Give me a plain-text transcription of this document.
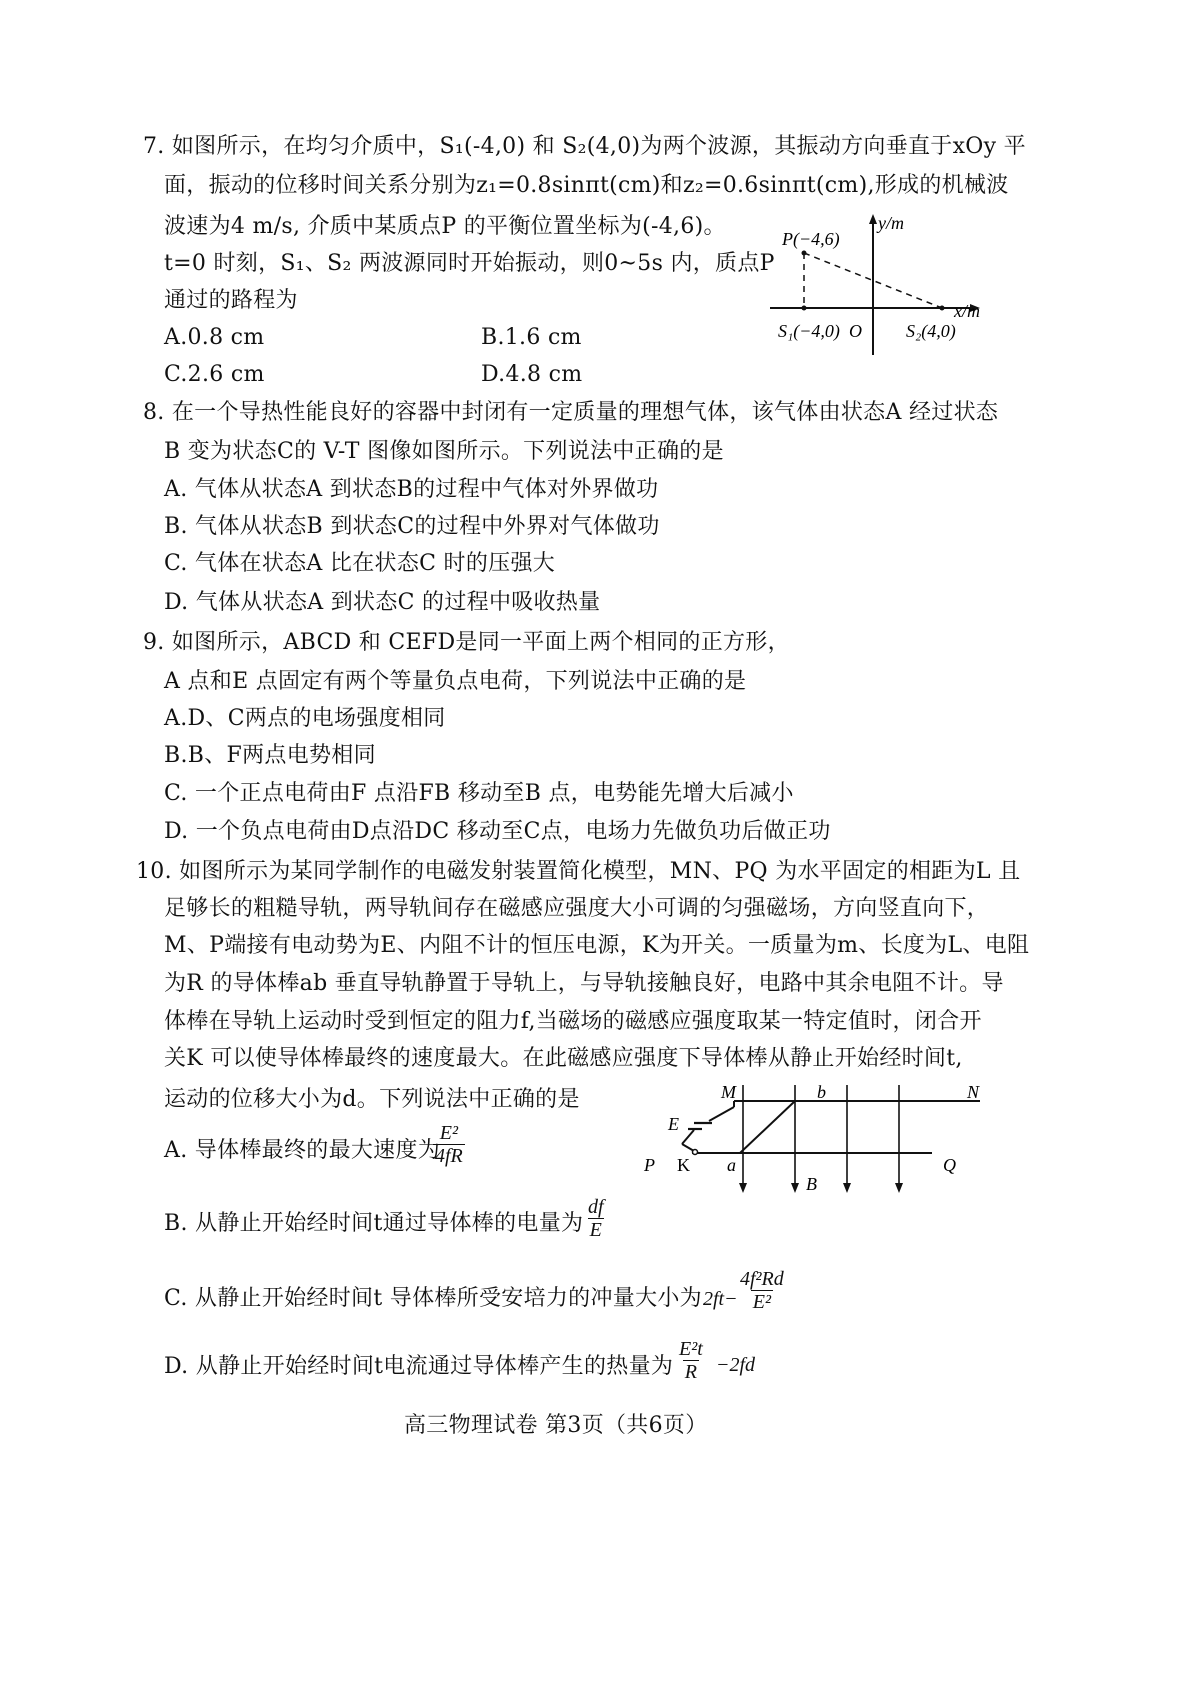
7. 如图所示，在均匀介质中，S₁(-4,0) 和 S₂(4,0)为两个波源，其振动方向垂直于xOy 平
面，振动的位移时间关系分别为z₁=0.8sinπt(cm)和z₂=0.6sinπt(cm),形成的机械波
波速为4 m/s, 介质中某质点P 的平衡位置坐标为(-4,6)。
t=0 时刻，S₁、S₂ 两波源同时开始振动，则0~5s 内，质点P
通过的路程为
A.0.8 cm	B.1.6 cm
C.2.6 cm	D.4.8 cm
P(−4,6)
y/m
x/m
S₁(−4,0) O S₂(4,0)
8. 在一个导热性能良好的容器中封闭有一定质量的理想气体，该气体由状态A 经过状态
B 变为状态C的 V-T 图像如图所示。下列说法中正确的是
A. 气体从状态A 到状态B的过程中气体对外界做功
B. 气体从状态B 到状态C的过程中外界对气体做功
C. 气体在状态A 比在状态C 时的压强大
D. 气体从状态A 到状态C 的过程中吸收热量
9. 如图所示，ABCD 和 CEFD是同一平面上两个相同的正方形，
A 点和E 点固定有两个等量负点电荷，下列说法中正确的是
A.D、C两点的电场强度相同
B.B、F两点电势相同
C. 一个正点电荷由F 点沿FB 移动至B 点，电势能先增大后减小
D. 一个负点电荷由D点沿DC 移动至C点，电场力先做负功后做正功
10. 如图所示为某同学制作的电磁发射装置简化模型，MN、PQ 为水平固定的相距为L 且
足够长的粗糙导轨，两导轨间存在磁感应强度大小可调的匀强磁场，方向竖直向下，
M、P端接有电动势为E、内阻不计的恒压电源，K为开关。一质量为m、长度为L、电阻
为R 的导体棒ab 垂直导轨静置于导轨上，与导轨接触良好，电路中其余电阻不计。导
体棒在导轨上运动时受到恒定的阻力f,当磁场的磁感应强度取某一特定值时，闭合开
关K 可以使导体棒最终的速度最大。在此磁感应强度下导体棒从静止开始经时间t,
运动的位移大小为d。下列说法中正确的是
A. 导体棒最终的最大速度为
$\frac{\text{E²}}{4fR}$
B. 从静止开始经时间t通过导体棒的电量为 $\frac{df}{E}$
C. 从静止开始经时间t 导体棒所受安培力的冲量大小为 $2ft- \frac{\text{4f²Rd}}{\text{E²}}$
D. 从静止开始经时间t电流通过导体棒产生的热量为 $\frac{\text{E²t}}{R} -2fd$
M	b	N
E
P K a
B
Q
高三物理试卷 第3页（共6页）
